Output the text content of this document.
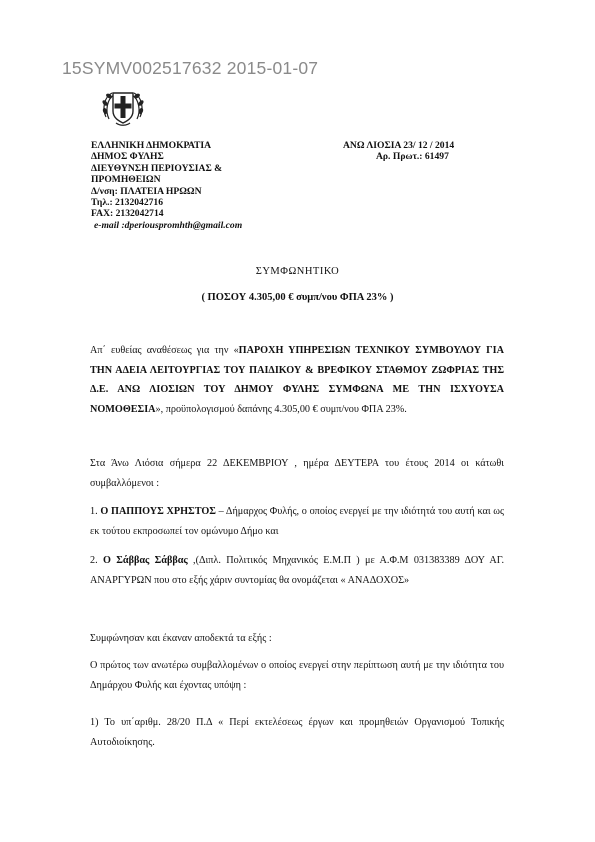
15SYMV002517632 2015-01-07
ΕΛΛΗΝΙΚΗ ΔΗΜΟΚΡΑΤΙΑ
ΔΗΜΟΣ ΦΥΛΗΣ
ΔΙΕΥΘΥΝΣΗ ΠΕΡΙΟΥΣΙΑΣ &
ΠΡΟΜΗΘΕΙΩΝ
Δ/νση: ΠΛΑΤΕΙΑ ΗΡΩΩΝ
Τηλ.: 2132042716
FAX: 2132042714
e-mail :dperiouspromhth@gmail.com
ΑΝΩ ΛΙΟΣΙΑ 23/ 12 / 2014
Αρ. Πρωτ.: 61497
ΣΥΜΦΩΝΗΤΙΚΟ
( ΠΟΣΟΥ 4.305,00 € συμπ/νου ΦΠΑ 23% )
Απ΄ ευθείας αναθέσεως για την «ΠΑΡΟΧΗ ΥΠΗΡΕΣΙΩΝ ΤΕΧΝΙΚΟΥ ΣΥΜΒΟΥΛΟΥ ΓΙΑ ΤΗΝ ΑΔΕΙΑ ΛΕΙΤΟΥΡΓΙΑΣ ΤΟΥ ΠΑΙΔΙΚΟΥ & ΒΡΕΦΙΚΟΥ ΣΤΑΘΜΟΥ ΖΩΦΡΙΑΣ ΤΗΣ Δ.Ε. ΑΝΩ ΛΙΟΣΙΩΝ ΤΟΥ ΔΗΜΟΥ ΦΥΛΗΣ ΣΥΜΦΩΝΑ ΜΕ ΤΗΝ ΙΣΧΥΟΥΣΑ ΝΟΜΟΘΕΣΙΑ», προϋπολογισμού δαπάνης 4.305,00 € συμπ/νου ΦΠΑ 23%.
Στα Άνω Λιόσια σήμερα 22 ΔΕΚΕΜΒΡΙΟΥ , ημέρα ΔΕΥΤΕΡΑ του έτους 2014 οι κάτωθι συμβαλλόμενοι :
1. Ο ΠΑΠΠΟΥΣ ΧΡΗΣΤΟΣ – Δήμαρχος Φυλής, ο οποίος ενεργεί με την ιδιότητά του αυτή και ως εκ τούτου εκπροσωπεί τον ομώνυμο Δήμο και
2. Ο Σάββας Σάββας ,(Διπλ. Πολιτικός Μηχανικός Ε.Μ.Π ) με Α.Φ.Μ 031383389 ΔΟΥ ΑΓ. ΑΝΑΡΓΥΡΩΝ που στο εξής χάριν συντομίας θα ονομάζεται « ΑΝΑΔΟΧΟΣ»
Συμφώνησαν και έκαναν αποδεκτά τα εξής :
Ο πρώτος των ανωτέρω συμβαλλομένων ο οποίος ενεργεί στην περίπτωση αυτή με την ιδιότητα του Δημάρχου Φυλής και έχοντας υπόψη :
1) Το υπ΄αριθμ. 28/20 Π.Δ « Περί εκτελέσεως έργων και προμηθειών Οργανισμού Τοπικής Αυτοδιοίκησης.
